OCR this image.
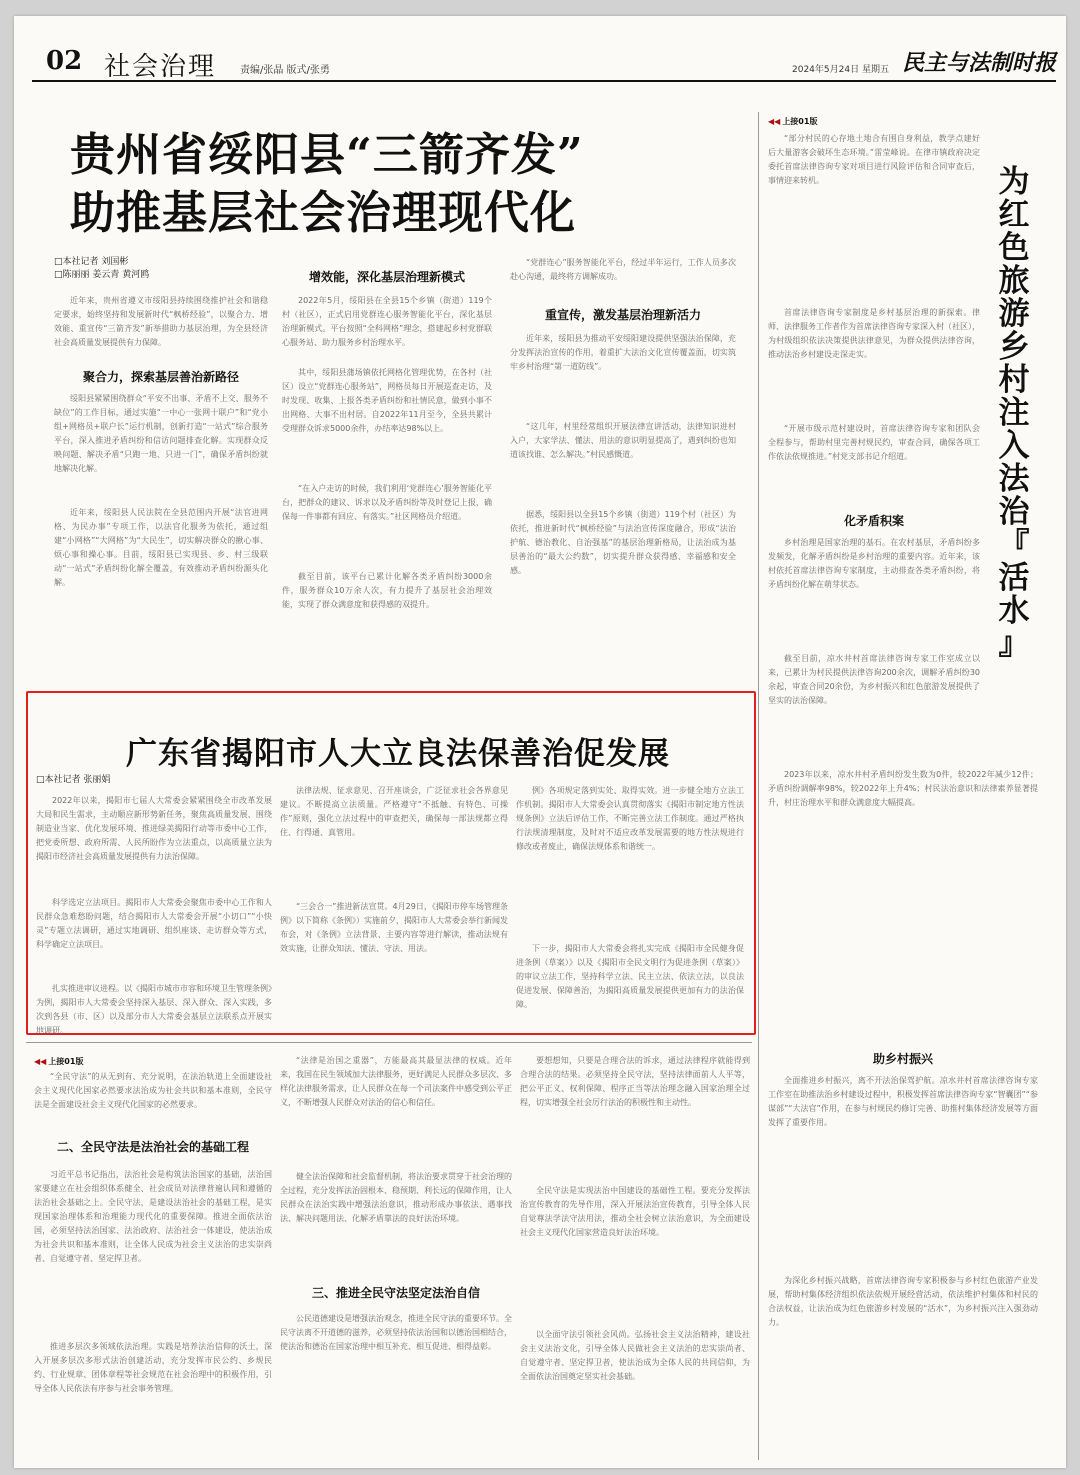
02 社会治理 责编/张晶 版式/张勇	2024年5月24日 星期五 民主与法制时报
贵州省绥阳县“三箭齐发”
助推基层社会治理现代化
□本社记者 刘国彬
□陈丽丽 姜云青 黄河鸥
近年来，贵州省遵义市绥阳县持续围绕推护社会和谐稳定要求，始终坚持和发展新时代“枫桥经验”，以聚合力、增效能、重宣传“三箭齐发”新举措助力基层治理，为全县经济社会高质量发展提供有力保障。
聚合力，探索基层善治新路径
绥阳县紧紧围绕群众“平安不出事、矛盾不上交、服务不缺位”的工作目标，通过实施“一中心一张网十联户”和“党小组+网格员+联户长”运行机制，创新打造“一站式”综合服务平台，深入推进矛盾纠纷和信访问题排查化解。实现群众反映问题、解决矛盾“只跑一地、只进一门”，确保矛盾纠纷就地解决化解。
近年来，绥阳县人民法院在全县范围内开展“法官进网格、为民办事”专项工作，以法官化服务为依托，通过组建“小网格”“大网格”为“大民生”，切实解决群众的揪心事、烦心事和操心事。目前，绥阳县已实现县、乡、村三级联动“一站式”矛盾纠纷化解全覆盖，有效推动矛盾纠纷源头化解。
增效能，深化基层治理新模式
2022年5月，绥阳县在全县15个乡镇（街道）119个村（社区），正式启用党群连心服务智能化平台，深化基层治理新模式。平台按照“全科网格”理念，搭建起乡村党群联心服务站、助力服务乡村治理水平。
其中，绥阳县蒲场镇依托网格化管理优势，在各村（社区）设立“党群连心服务站”，网格员每日开展巡查走访，及时发现、收集、上报各类矛盾纠纷和社情民意，做到小事不出网格、大事不出村居。自2022年11月至今，全县共累计受理群众诉求5000余件，办结率达98%以上。
“在入户走访的时候，我们利用‘党群连心’服务智能化平台，把群众的建议、诉求以及矛盾纠纷等及时登记上报，确保每一件事都有回应、有落实。”社区网格员介绍道。
截至目前，该平台已累计化解各类矛盾纠纷3000余件，服务群众10万余人次，有力提升了基层社会治理效能，实现了群众满意度和获得感的双提升。
“党群连心”服务智能化平台，经过半年运行，工作人员多次赴心沟通，最终将方调解成功。
重宣传，激发基层治理新活力
近年来，绥阳县为推动平安绥阳建设提供坚强法治保障，充分发挥法治宣传的作用，着重扩大法治文化宣传覆盖面，切实筑牢乡村治理“第一道防线”。
“这几年，村里经常组织开展法律宣讲活动，法律知识进村入户，大家学法、懂法、用法的意识明显提高了，遇到纠纷也知道该找谁、怎么解决。”村民感慨道。
据悉，绥阳县以全县15个乡镇（街道）119个村（社区）为依托，推进新时代“枫桥经验”与法治宣传深度融合，形成“法治护航、德治教化、自治强基”的基层治理新格局，让法治成为基层善治的“最大公约数”，切实提升群众获得感、幸福感和安全感。
◀◀ 上接01版
为
红
色
旅
游
乡
村
注
入
法
治
『
活
水
』
“部分村民的心存地土地合有围自身利益，教学点建好后大量游客会破坏生态环境。”雷莹峰说。在律市镇政府决定委托首席法律咨询专家对项目进行风险评估和合同审查后，事情迎来转机。
首席法律咨询专家制度是乡村基层治理的新探索。律师、法律服务工作者作为首席法律咨询专家深入村（社区），为村级组织依法决策提供法律意见，为群众提供法律咨询，推动法治乡村建设走深走实。
“开展市级示范村建设时，首席法律咨询专家和团队会全程参与，帮助村里完善村规民约，审查合同，确保各项工作依法依规推进。”村党支部书记介绍道。
化矛盾积案
乡村治理是国家治理的基石。在农村基层，矛盾纠纷多发频发，化解矛盾纠纷是乡村治理的重要内容。近年来，该村依托首席法律咨询专家制度，主动排查各类矛盾纠纷，将矛盾纠纷化解在萌芽状态。
截至目前，凉水井村首席法律咨询专家工作室成立以来，已累计为村民提供法律咨询200余次，调解矛盾纠纷30余起，审查合同20余份，为乡村振兴和红色旅游发展提供了坚实的法治保障。
2023年以来，凉水井村矛盾纠纷发生数为0件，较2022年减少12件；矛盾纠纷调解率98%，较2022年上升4%；村民法治意识和法律素养显著提升，村庄治理水平和群众满意度大幅提高。
助乡村振兴
全面推进乡村振兴，离不开法治保驾护航。凉水井村首席法律咨询专家工作室在助推法治乡村建设过程中，积极发挥首席法律咨询专家“智囊团”“参谋部”“大法官”作用，在参与村规民约修订完善、助推村集体经济发展等方面发挥了重要作用。
为深化乡村振兴战略，首席法律咨询专家积极参与乡村红色旅游产业发展，帮助村集体经济组织依法依规开展经营活动，依法维护村集体和村民的合法权益，让法治成为红色旅游乡村发展的“活水”，为乡村振兴注入强劲动力。
广东省揭阳市人大立良法保善治促发展
□本社记者 张丽娟
2022年以来，揭阳市七届人大常委会紧紧围绕全市改革发展大局和民生需求，主动顺应新形势新任务，聚焦高质量发展、围绕制造业当家、优化发展环境、推进绿美揭阳行动等市委中心工作，把党委所想、政府所需、人民所盼作为立法重点，以高质量立法为揭阳市经济社会高质量发展提供有力法治保障。
科学选定立法项目。揭阳市人大常委会聚焦市委中心工作和人民群众急难愁盼问题，结合揭阳市人大常委会开展“小切口”“小快灵”专题立法调研，通过实地调研、组织座谈、走访群众等方式，科学确定立法项目。
扎实推进审议进程。以《揭阳市城市市容和环境卫生管理条例》为例，揭阳市人大常委会坚持深入基层、深入群众、深入实践，多次到各县（市、区）以及部分市人大常委会基层立法联系点开展实地调研。
法律法规、征求意见、召开座谈会，广泛征求社会各界意见建议。不断提高立法质量。严格遵守“不抵触、有特色、可操作”原则，强化立法过程中的审查把关，确保每一部法规都立得住、行得通、真管用。
“三会合一”推进新法宣贯。4月29日，《揭阳市停车场管理条例》以下简称《条例》）实施前夕，揭阳市人大常委会举行新闻发布会，对《条例》立法背景、主要内容等进行解读，推动法规有效实施，让群众知法、懂法、守法、用法。
例》各项规定落到实处、取得实效。进一步健全地方立法工作机制。揭阳市人大常委会认真贯彻落实《揭阳市制定地方性法规条例》立法后评估工作，不断完善立法工作制度。通过严格执行法规清理制度，及时对不适应改革发展需要的地方性法规进行修改或者废止，确保法规体系和谐统一。
下一步，揭阳市人大常委会将扎实完成《揭阳市全民健身促进条例（草案）》以及《揭阳市全民文明行为促进条例（草案）》的审议立法工作，坚持科学立法、民主立法、依法立法，以良法促进发展、保障善治，为揭阳高质量发展提供更加有力的法治保障。
◀◀ 上接01版
“全民守法”的从无到有、充分说明，在法治轨道上全面建设社会主义现代化国家必然要求法治成为社会共识和基本准则，全民守法是全面建设社会主义现代化国家的必然要求。
二、全民守法是法治社会的基础工程
习近平总书记指出，法治社会是构筑法治国家的基础，法治国家要建立在社会组织体系健全、社会成员对法律普遍认同和遵循的法治社会基础之上。全民守法，是建设法治社会的基础工程，是实现国家治理体系和治理能力现代化的重要保障。推进全面依法治国，必须坚持法治国家、法治政府、法治社会一体建设，使法治成为社会共识和基本准则，让全体人民成为社会主义法治的忠实崇尚者、自觉遵守者、坚定捍卫者。
推进多层次多领域依法治理。实践是培养法治信仰的沃土，深入开展多层次多形式法治创建活动，充分发挥市民公约、乡规民约、行业规章、团体章程等社会规范在社会治理中的积极作用，引导全体人民依法有序参与社会事务管理。
“法律是治国之重器”，方能最高其最显法律的权威。近年来，我国在民生领域加大法律服务，更好满足人民群众多层次、多样化法律服务需求，让人民群众在每一个司法案件中感受到公平正义，不断增强人民群众对法治的信心和信任。
健全法治保障和社会监督机制，将法治要求贯穿于社会治理的全过程，充分发挥法治固根本、稳预期、利长远的保障作用，让人民群众在法治实践中增强法治意识，推动形成办事依法、遇事找法、解决问题用法、化解矛盾靠法的良好法治环境。
三、推进全民守法坚定法治自信
公民道德建设是增强法治观念，推进全民守法的重要环节。全民守法离不开道德的滋养，必须坚持依法治国和以德治国相结合，使法治和德治在国家治理中相互补充、相互促进、相得益彰。
要想想知，只要是合理合法的诉求，通过法律程序就能得到合理合法的结果。必须坚持全民守法，坚持法律面前人人平等，把公平正义、权利保障、程序正当等法治理念融入国家治理全过程，切实增强全社会厉行法治的积极性和主动性。
全民守法是实现法治中国建设的基础性工程。要充分发挥法治宣传教育的先导作用，深入开展法治宣传教育，引导全体人民自觉尊法学法守法用法，推动全社会树立法治意识，为全面建设社会主义现代化国家营造良好法治环境。
以全面守法引领社会风尚。弘扬社会主义法治精神，建设社会主义法治文化，引导全体人民做社会主义法治的忠实崇尚者、自觉遵守者、坚定捍卫者，使法治成为全体人民的共同信仰，为全面依法治国奠定坚实社会基础。
